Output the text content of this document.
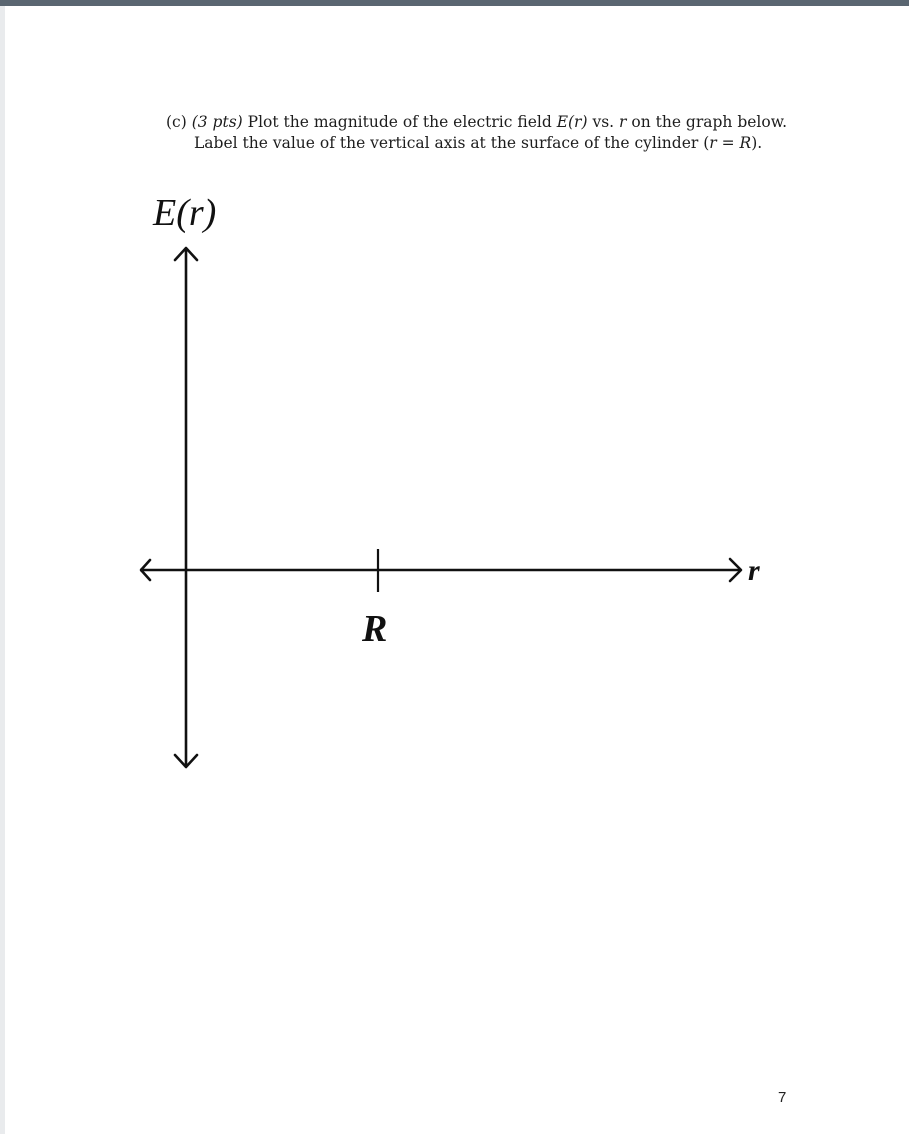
(c) (3 pts) Plot the magnitude of the electric field E(r) vs. r on the graph below.
Label the value of the vertical axis at the surface of the cylinder (r = R).
E(r)
r
R
7
